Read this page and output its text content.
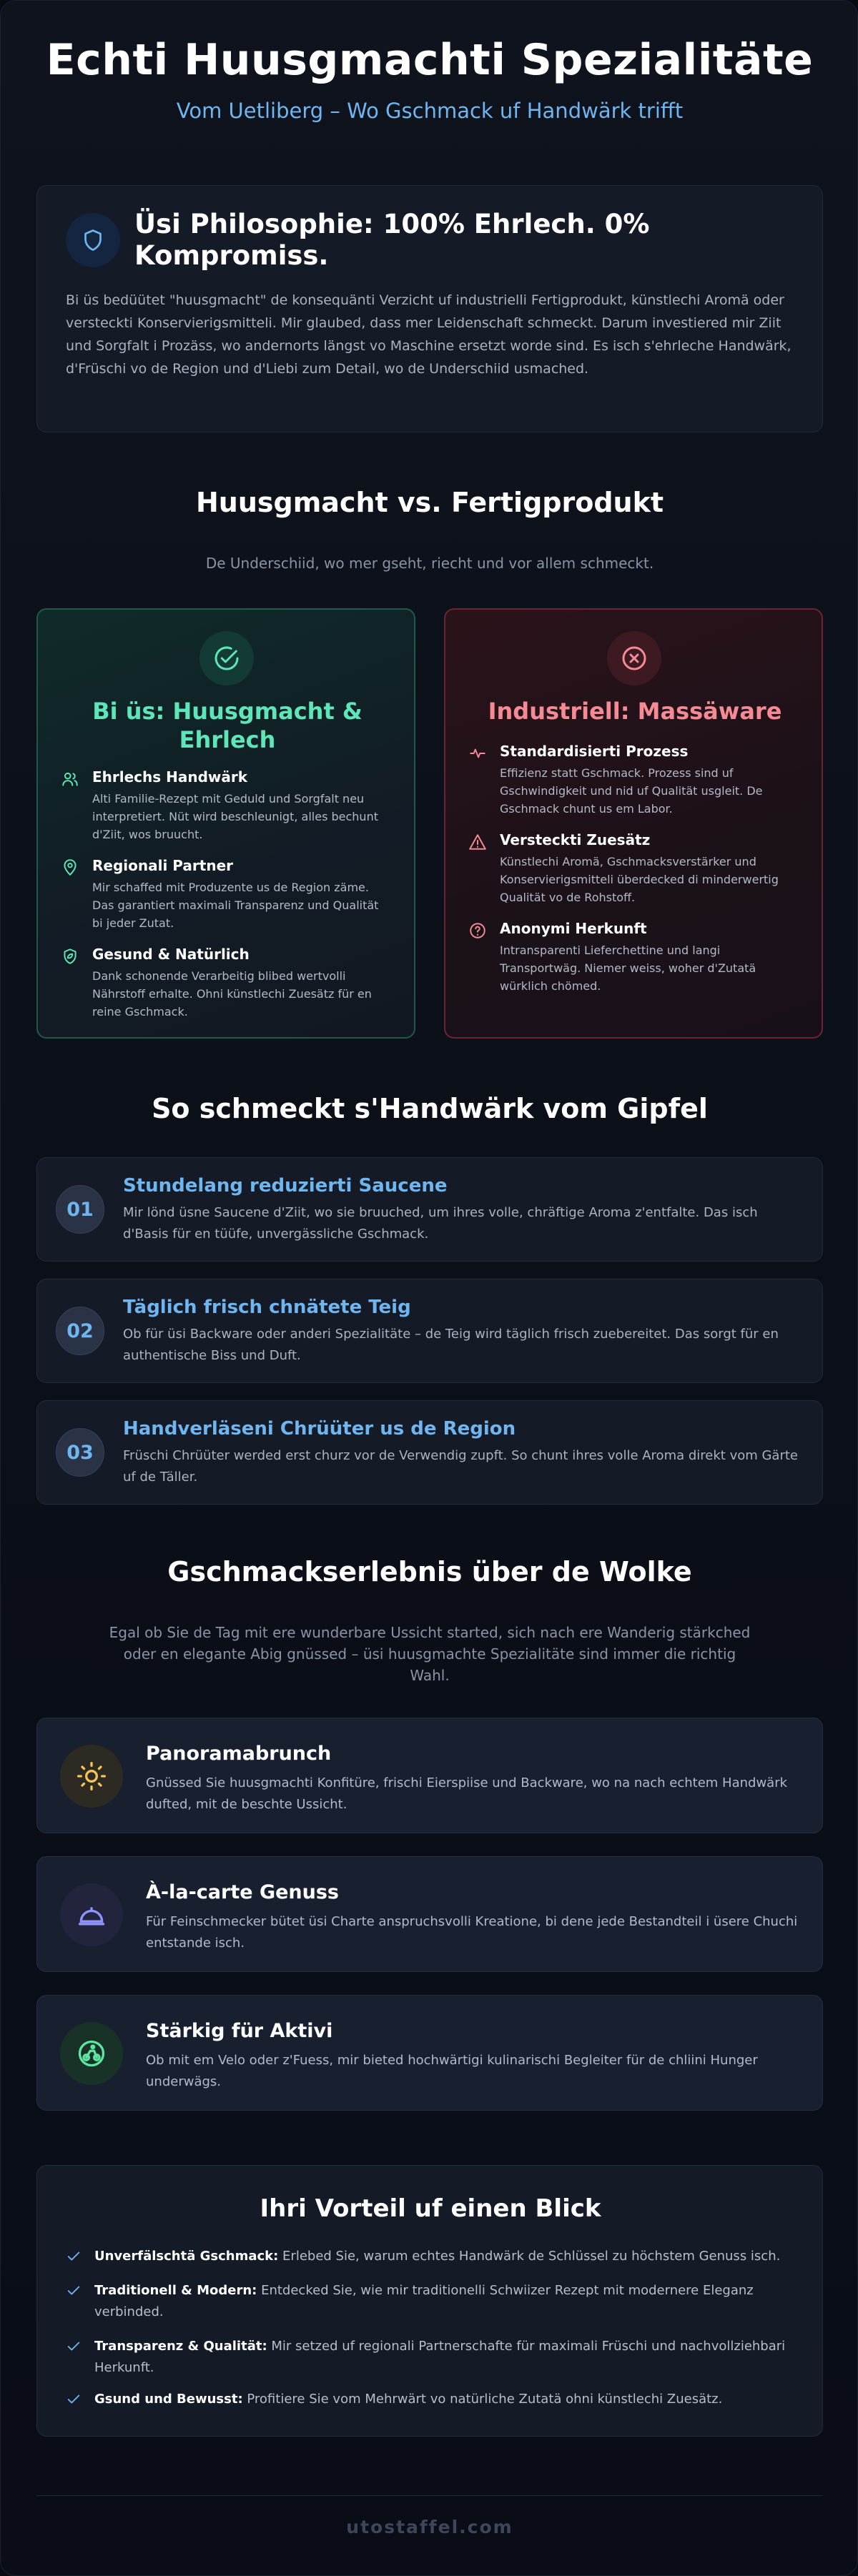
Echti Huusgmachti Spezialitäte
Vom Uetliberg – Wo Gschmack uf Handwärk trifft
Üsi Philosophie: 100% Ehrlech. 0% Kompromiss.

Bi üs bedüütet "huusgmacht" de konsequänti Verzicht uf industrielli Fertigprodukt, künstlechi Aromä oder versteckti Konservierigsmitteli. Mir glaubed, dass mer Leidenschaft schmeckt. Darum investiered mir Ziit und Sorgfalt i Prozäss, wo andernorts längst vo Maschine ersetzt worde sind. Es isch s'ehrleche Handwärk, d'Früschi vo de Region und d'Liebi zum Detail, wo de Underschiid usmached.

Huusgmacht vs. Fertigprodukt
De Underschiid, wo mer gseht, riecht und vor allem schmeckt.
Bi üs: Huusgmacht & Ehrlech
Ehrlechs Handwärk
Alti Familie-Rezept mit Geduld und Sorgfalt neu interpretiert. Nüt wird beschleunigt, alles bechunt d'Ziit, wos bruucht.
Regionali Partner
Mir schaffed mit Produzente us de Region zäme. Das garantiert maximali Transparenz und Qualität bi jeder Zutat.
Gesund & Natürlich
Dank schonende Verarbeitig blibed wertvolli Nährstoff erhalte. Ohni künstlechi Zuesätz für en reine Gschmack.
Industriell: Massäware
Standardisierti Prozess
Effizienz statt Gschmack. Prozess sind uf Gschwindigkeit und nid uf Qualität usgleit. De Gschmack chunt us em Labor.
Versteckti Zuesätz
Künstlechi Aromä, Gschmacksverstärker und Konservierigsmitteli überdecked di minderwertig Qualität vo de Rohstoff.
Anonymi Herkunft
Intransparenti Lieferchettine und langi Transportwäg. Niemer weiss, woher d'Zutatä würklich chömed.
So schmeckt s'Handwärk vom Gipfel
01
Stundelang reduzierti Saucene
Mir lönd üsne Saucene d'Ziit, wo sie bruuched, um ihres volle, chräftige Aroma z'entfalte. Das isch d'Basis für en tüüfe, unvergässliche Gschmack.
02
Täglich frisch chnätete Teig
Ob für üsi Backware oder anderi Spezialitäte – de Teig wird täglich frisch zuebereitet. Das sorgt für en authentische Biss und Duft.
03
Handverläseni Chrüüter us de Region
Früschi Chrüüter werded erst churz vor de Verwendig zupft. So chunt ihres volle Aroma direkt vom Gärte uf de Täller.
Gschmackserlebnis über de Wolke
Egal ob Sie de Tag mit ere wunderbare Ussicht started, sich nach ere Wanderig stärkched oder en elegante Abig gnüssed – üsi huusgmachte Spezialitäte sind immer die richtig Wahl.
Panoramabrunch
Gnüssed Sie huusgmachti Konfitüre, frischi Eierspiise und Backware, wo na nach echtem Handwärk dufted, mit de beschte Ussicht.
À-la-carte Genuss
Für Feinschmecker bütet üsi Charte anspruchsvolli Kreatione, bi dene jede Bestandteil i üsere Chuchi entstande isch.
Stärkig für Aktivi
Ob mit em Velo oder z'Fuess, mir bieted hochwärtigi kulinarischi Begleiter für de chliini Hunger underwägs.
Ihri Vorteil uf einen Blick
Unverfälschtä Gschmack: Erlebed Sie, warum echtes Handwärk de Schlüssel zu höchstem Genuss isch.
Traditionell & Modern: Entdecked Sie, wie mir traditionelli Schwiizer Rezept mit modernere Eleganz verbinded.
Transparenz & Qualität: Mir setzed uf regionali Partnerschafte für maximali Früschi und nachvollziehbari Herkunft.
Gsund und Bewusst: Profitiere Sie vom Mehrwärt vo natürliche Zutatä ohni künstlechi Zuesätz.
utostaffel.com
